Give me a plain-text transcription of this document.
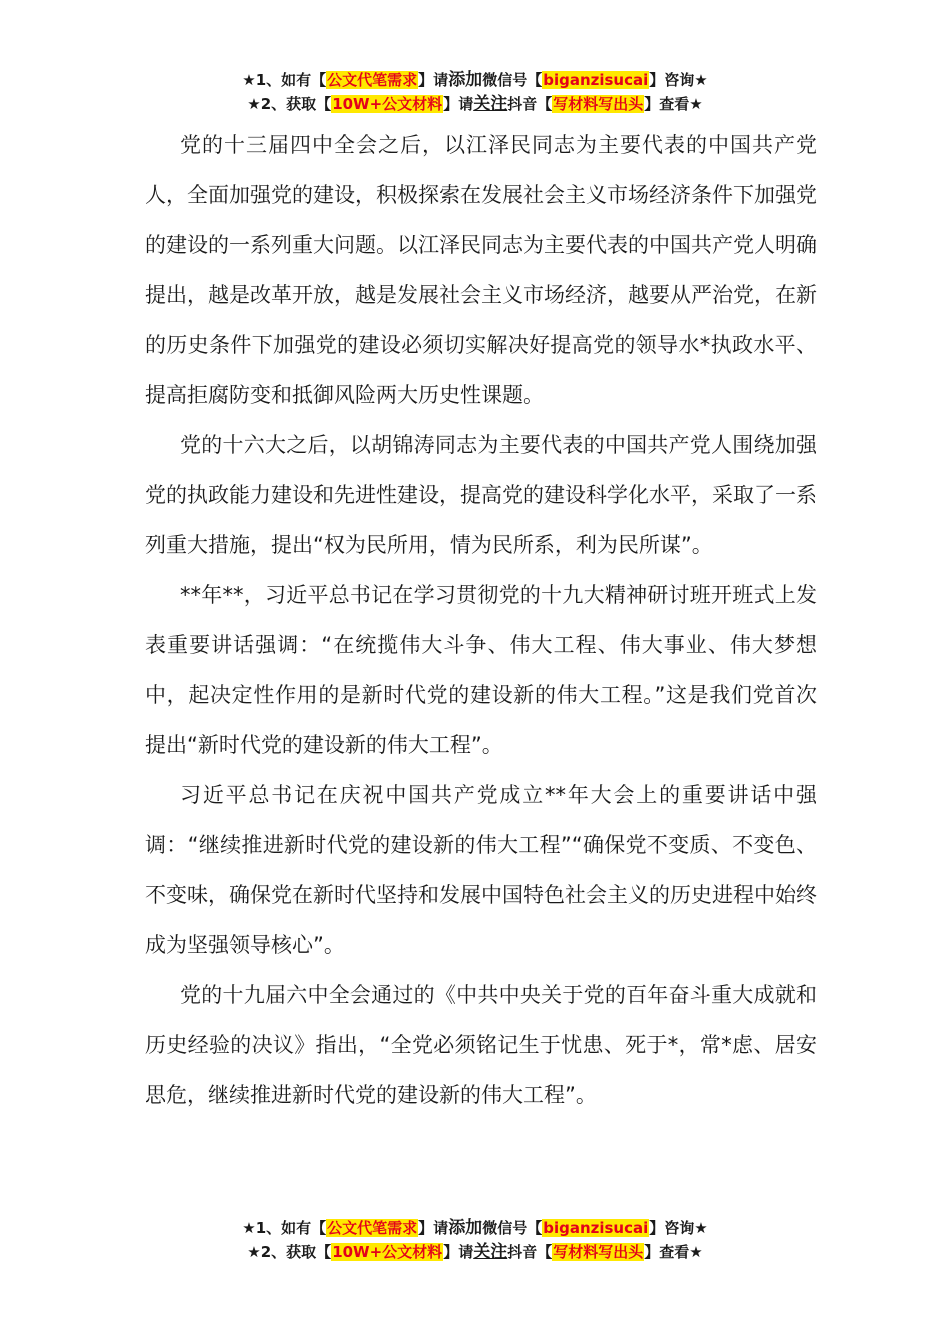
★1、如有【公文代笔需求】请添加微信号【biganzisucai】咨询★
★2、获取【10W+公文材料】请关注抖音【写材料写出头】查看★

党的十三届四中全会之后，以江泽民同志为主要代表的中国共产党人，全面加强党的建设，积极探索在发展社会主义市场经济条件下加强党的建设的一系列重大问题。以江泽民同志为主要代表的中国共产党人明确提出，越是改革开放，越是发展社会主义市场经济，越要从严治党，在新的历史条件下加强党的建设必须切实解决好提高党的领导水*执政水平、提高拒腐防变和抵御风险两大历史性课题。

党的十六大之后，以胡锦涛同志为主要代表的中国共产党人围绕加强党的执政能力建设和先进性建设，提高党的建设科学化水平，采取了一系列重大措施，提出“权为民所用，情为民所系，利为民所谋”。

**年**，习近平总书记在学习贯彻党的十九大精神研讨班开班式上发表重要讲话强调：“在统揽伟大斗争、伟大工程、伟大事业、伟大梦想中，起决定性作用的是新时代党的建设新的伟大工程。”这是我们党首次提出“新时代党的建设新的伟大工程”。

习近平总书记在庆祝中国共产党成立**年大会上的重要讲话中强调：“继续推进新时代党的建设新的伟大工程”“确保党不变质、不变色、不变味，确保党在新时代坚持和发展中国特色社会主义的历史进程中始终成为坚强领导核心”。

党的十九届六中全会通过的《中共中央关于党的百年奋斗重大成就和历史经验的决议》指出，“全党必须铭记生于忧患、死于*，常*虑、居安思危，继续推进新时代党的建设新的伟大工程”。

★1、如有【公文代笔需求】请添加微信号【biganzisucai】咨询★
★2、获取【10W+公文材料】请关注抖音【写材料写出头】查看★
